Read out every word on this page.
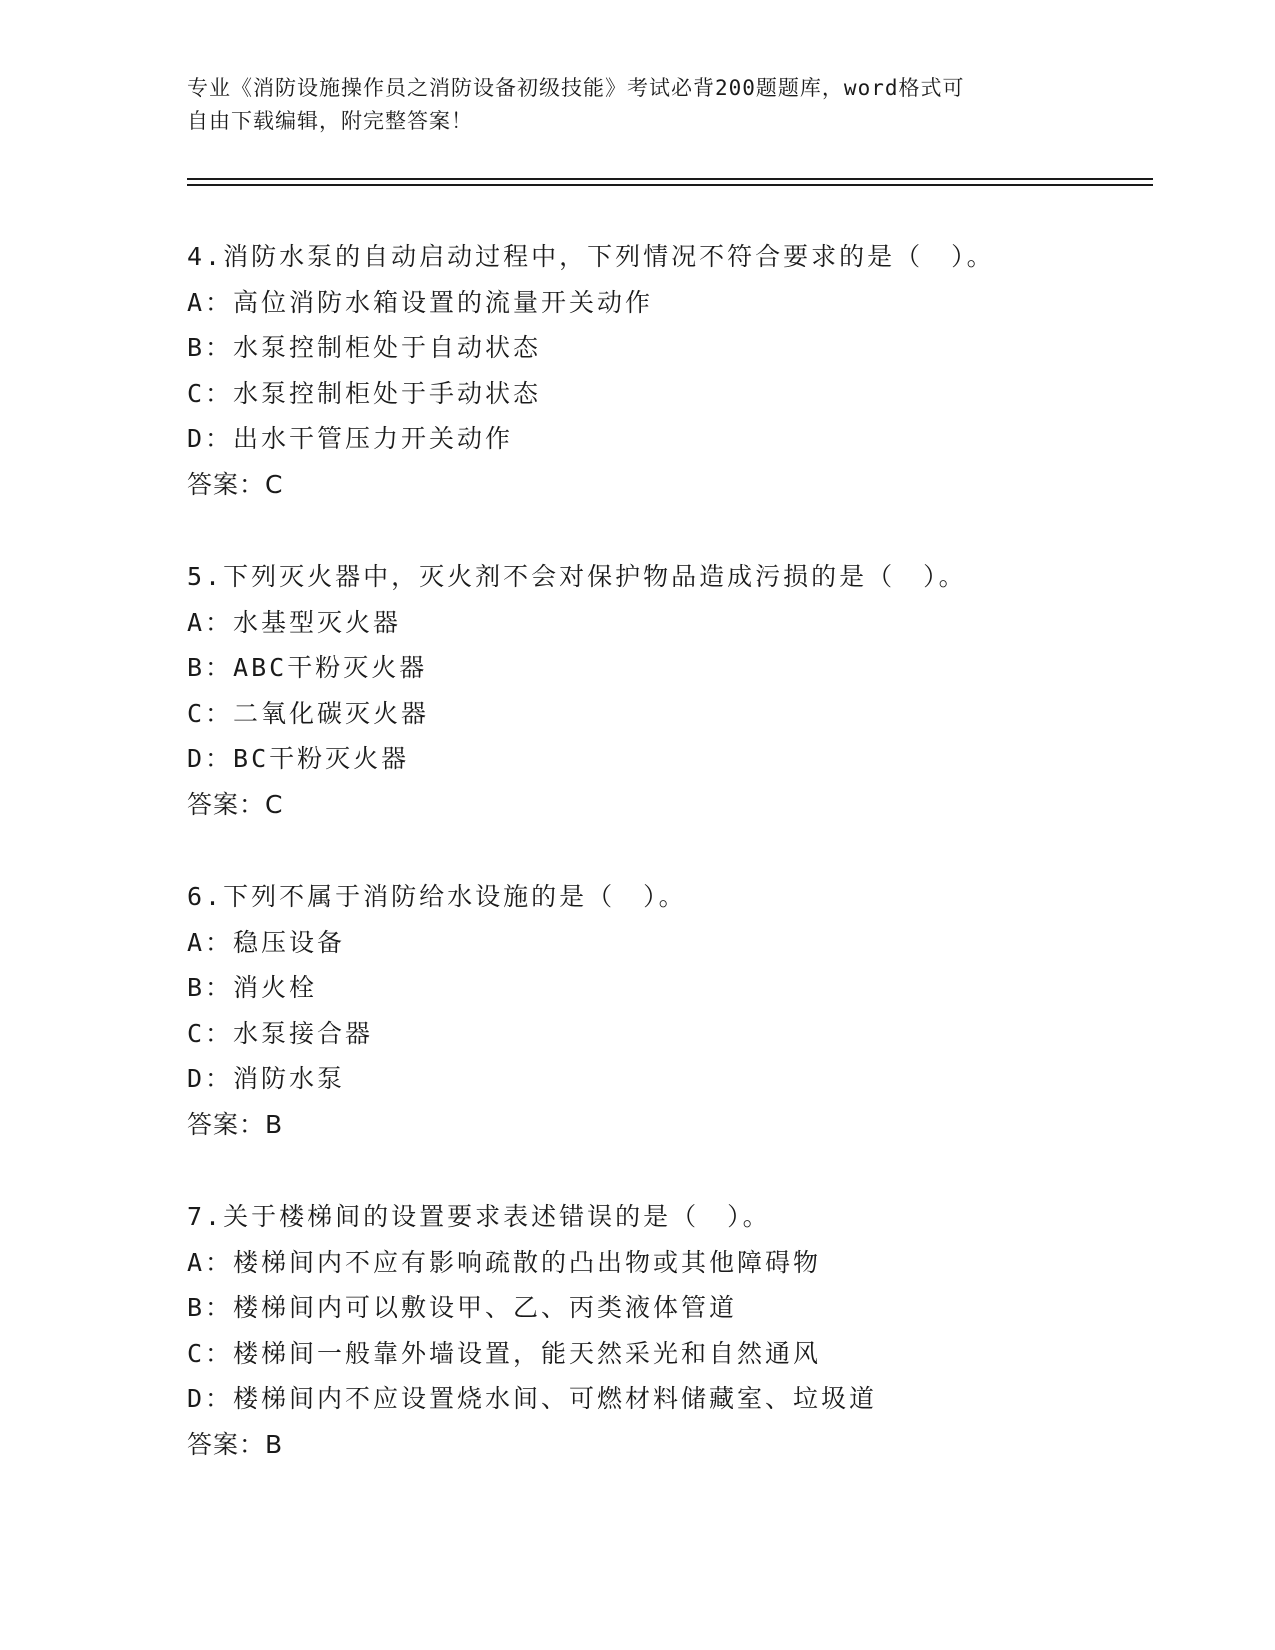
专业《消防设施操作员之消防设备初级技能》考试必背200题题库，word格式可
自由下载编辑，附完整答案！
4.消防水泵的自动启动过程中，下列情况不符合要求的是（　）。
A：高位消防水箱设置的流量开关动作
B：水泵控制柜处于自动状态
C：水泵控制柜处于手动状态
D：出水干管压力开关动作
答案：C
5.下列灭火器中，灭火剂不会对保护物品造成污损的是（　）。
A：水基型灭火器
B：ABC干粉灭火器
C：二氧化碳灭火器
D：BC干粉灭火器
答案：C
6.下列不属于消防给水设施的是（　）。
A：稳压设备
B：消火栓
C：水泵接合器
D：消防水泵
答案：B
7.关于楼梯间的设置要求表述错误的是（　）。
A：楼梯间内不应有影响疏散的凸出物或其他障碍物
B：楼梯间内可以敷设甲、乙、丙类液体管道
C：楼梯间一般靠外墙设置，能天然采光和自然通风
D：楼梯间内不应设置烧水间、可燃材料储藏室、垃圾道
答案：B
